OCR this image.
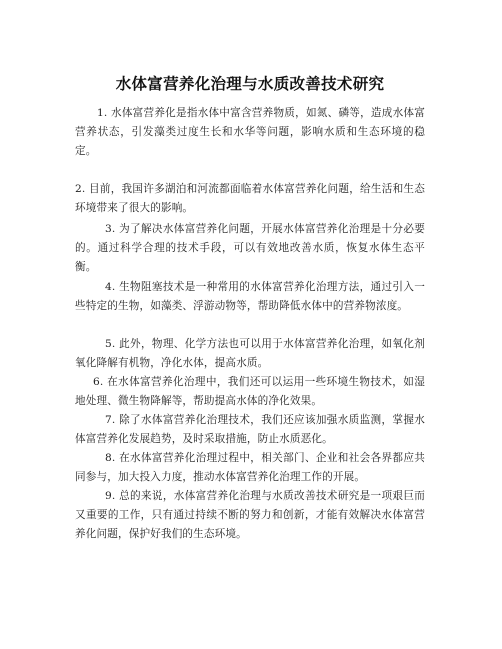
水体富营养化治理与水质改善技术研究

1. 水体富营养化是指水体中富含营养物质，如氮、磷等，造成水体富营养状态，引发藻类过度生长和水华等问题，影响水质和生态环境的稳定。

2. 目前，我国许多湖泊和河流都面临着水体富营养化问题，给生活和生态环境带来了很大的影响。

3. 为了解决水体富营养化问题，开展水体富营养化治理是十分必要的。通过科学合理的技术手段，可以有效地改善水质，恢复水体生态平衡。

4. 生物阻塞技术是一种常用的水体富营养化治理方法，通过引入一些特定的生物，如藻类、浮游动物等，帮助降低水体中的营养物浓度。

5. 此外，物理、化学方法也可以用于水体富营养化治理，如氧化剂氧化降解有机物，净化水体，提高水质。

6. 在水体富营养化治理中，我们还可以运用一些环境生物技术，如湿地处理、微生物降解等，帮助提高水体的净化效果。

7. 除了水体富营养化治理技术，我们还应该加强水质监测，掌握水体富营养化发展趋势，及时采取措施，防止水质恶化。

8. 在水体富营养化治理过程中，相关部门、企业和社会各界都应共同参与，加大投入力度，推动水体富营养化治理工作的开展。

9. 总的来说，水体富营养化治理与水质改善技术研究是一项艰巨而又重要的工作，只有通过持续不断的努力和创新，才能有效解决水体富营养化问题，保护好我们的生态环境。
